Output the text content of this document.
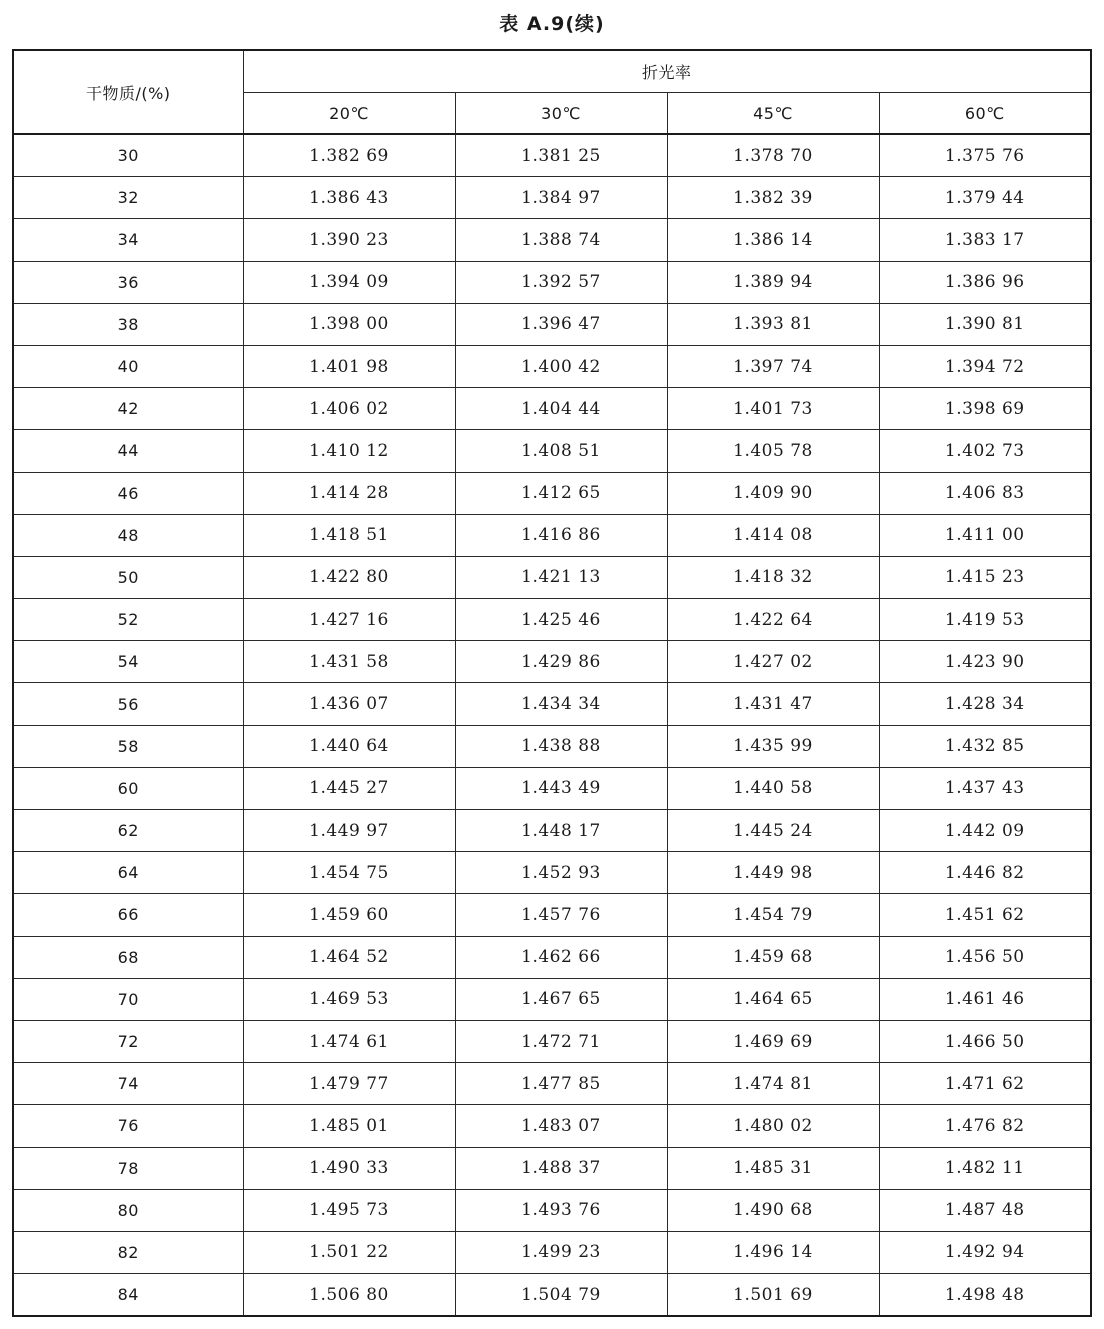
表 A.9(续)
干物质/(%)	折光率			
	20℃	30℃	45℃	60℃
30	1.382 69	1.381 25	1.378 70	1.375 76
32	1.386 43	1.384 97	1.382 39	1.379 44
34	1.390 23	1.388 74	1.386 14	1.383 17
36	1.394 09	1.392 57	1.389 94	1.386 96
38	1.398 00	1.396 47	1.393 81	1.390 81
40	1.401 98	1.400 42	1.397 74	1.394 72
42	1.406 02	1.404 44	1.401 73	1.398 69
44	1.410 12	1.408 51	1.405 78	1.402 73
46	1.414 28	1.412 65	1.409 90	1.406 83
48	1.418 51	1.416 86	1.414 08	1.411 00
50	1.422 80	1.421 13	1.418 32	1.415 23
52	1.427 16	1.425 46	1.422 64	1.419 53
54	1.431 58	1.429 86	1.427 02	1.423 90
56	1.436 07	1.434 34	1.431 47	1.428 34
58	1.440 64	1.438 88	1.435 99	1.432 85
60	1.445 27	1.443 49	1.440 58	1.437 43
62	1.449 97	1.448 17	1.445 24	1.442 09
64	1.454 75	1.452 93	1.449 98	1.446 82
66	1.459 60	1.457 76	1.454 79	1.451 62
68	1.464 52	1.462 66	1.459 68	1.456 50
70	1.469 53	1.467 65	1.464 65	1.461 46
72	1.474 61	1.472 71	1.469 69	1.466 50
74	1.479 77	1.477 85	1.474 81	1.471 62
76	1.485 01	1.483 07	1.480 02	1.476 82
78	1.490 33	1.488 37	1.485 31	1.482 11
80	1.495 73	1.493 76	1.490 68	1.487 48
82	1.501 22	1.499 23	1.496 14	1.492 94
84	1.506 80	1.504 79	1.501 69	1.498 48
